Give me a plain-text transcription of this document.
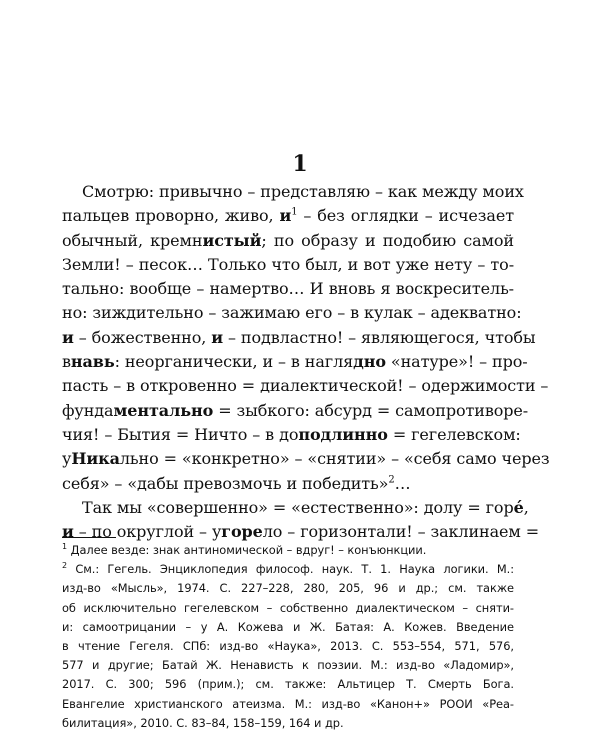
1
Смотрю: привычно – представляю – как между моих
пальцев проворно, живо, $и^1$ – без оглядки – исчезает
обычный, кремнистый; по образу и подобию самой
Земли! – песок… Только что был, и вот уже нету – то-
тально: вообще – намертво… И вновь я воскреситель-
но: зиждительно – зажимаю его – в кулак – адекватно:
и – божественно, и – подвластно! – являющегося, чтобы
внавь: неорганически, и – в наглядно «натуре»! – про-
пасть – в откровенно = диалектической! – одержимости –
фундаментально = зыбкого: абсурд = самопротиворе-
чия! – Бытия = Ничто – в доподлинно = гегелевском:
уНикально = «конкретно» – «снятии» – «себя само через
себя» – «дабы превозмочь и победить»$^2$…
Так мы «совершенно» = «естественно»: долу = горé,
и – по округлой – угорело – горизонтали! – заклинаем =
$^1$ Далее везде: знак антиномической – вдруг! – конъюнкции.
$^2$ См.: Гегель. Энциклопедия философ. наук. Т. 1. Наука логики. М.:
изд-во «Мысль», 1974. С. 227–228, 280, 205, 96 и др.; см. также
об исключительно гегелевском – собственно диалектическом – сняти-
и: самоотрицании – у А. Кожева и Ж. Батая: А. Кожев. Введение
в чтение Гегеля. СПб: изд-во «Наука», 2013. С. 553–554, 571, 576,
577 и другие; Батай Ж. Ненависть к поэзии. М.: изд-во «Ладомир»,
2017. С. 300; 596 (прим.); см. также: Альтицер Т. Смерть Бога.
Евангелие христианского атеизма. М.: изд-во «Канон+» РООИ «Реа-
билитация», 2010. С. 83–84, 158–159, 164 и др.
